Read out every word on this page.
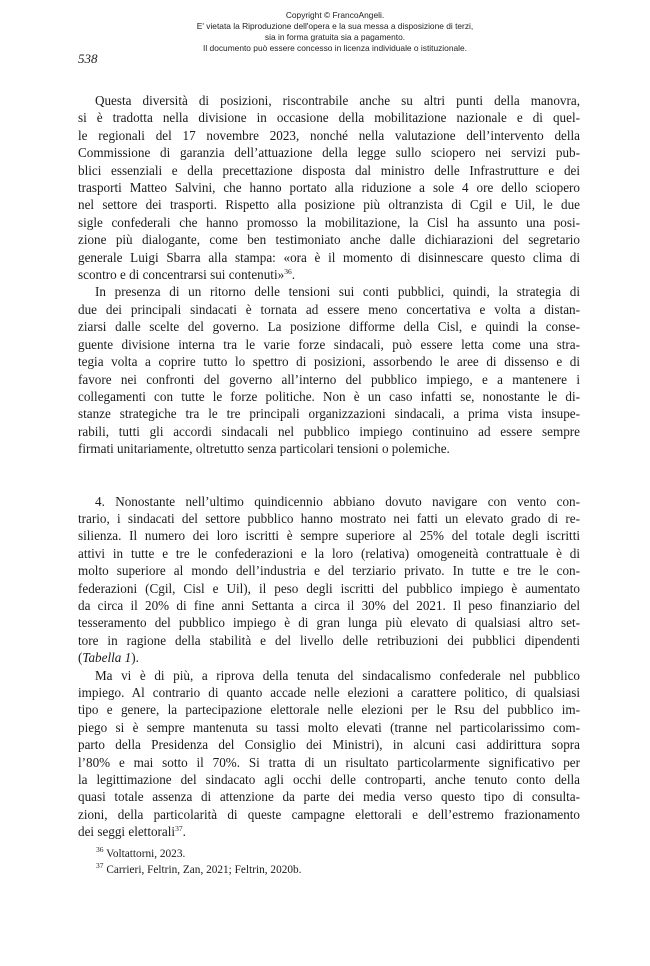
Copyright © FrancoAngeli.
E' vietata la Riproduzione dell'opera e la sua messa a disposizione di terzi,
sia in forma gratuita sia a pagamento.
Il documento può essere concesso in licenza individuale o istituzionale.
538
Questa diversità di posizioni, riscontrabile anche su altri punti della manovra,
si è tradotta nella divisione in occasione della mobilitazione nazionale e di quel-
le regionali del 17 novembre 2023, nonché nella valutazione dell’intervento della
Commissione di garanzia dell’attuazione della legge sullo sciopero nei servizi pub-
blici essenziali e della precettazione disposta dal ministro delle Infrastrutture e dei
trasporti Matteo Salvini, che hanno portato alla riduzione a sole 4 ore dello sciopero
nel settore dei trasporti. Rispetto alla posizione più oltranzista di Cgil e Uil, le due
sigle confederali che hanno promosso la mobilitazione, la Cisl ha assunto una posi-
zione più dialogante, come ben testimoniato anche dalle dichiarazioni del segretario
generale Luigi Sbarra alla stampa: «ora è il momento di disinnescare questo clima di
scontro e di concentrarsi sui contenuti»$^{36}$.
In presenza di un ritorno delle tensioni sui conti pubblici, quindi, la strategia di
due dei principali sindacati è tornata ad essere meno concertativa e volta a distan-
ziarsi dalle scelte del governo. La posizione difforme della Cisl, e quindi la conse-
guente divisione interna tra le varie forze sindacali, può essere letta come una stra-
tegia volta a coprire tutto lo spettro di posizioni, assorbendo le aree di dissenso e di
favore nei confronti del governo all’interno del pubblico impiego, e a mantenere i
collegamenti con tutte le forze politiche. Non è un caso infatti se, nonostante le di-
stanze strategiche tra le tre principali organizzazioni sindacali, a prima vista insupe-
rabili, tutti gli accordi sindacali nel pubblico impiego continuino ad essere sempre
firmati unitariamente, oltretutto senza particolari tensioni o polemiche.
4. Nonostante nell’ultimo quindicennio abbiano dovuto navigare con vento con-
trario, i sindacati del settore pubblico hanno mostrato nei fatti un elevato grado di re-
silienza. Il numero dei loro iscritti è sempre superiore al 25% del totale degli iscritti
attivi in tutte e tre le confederazioni e la loro (relativa) omogeneità contrattuale è di
molto superiore al mondo dell’industria e del terziario privato. In tutte e tre le con-
federazioni (Cgil, Cisl e Uil), il peso degli iscritti del pubblico impiego è aumentato
da circa il 20% di fine anni Settanta a circa il 30% del 2021. Il peso finanziario del
tesseramento del pubblico impiego è di gran lunga più elevato di qualsiasi altro set-
tore in ragione della stabilità e del livello delle retribuzioni dei pubblici dipendenti
(Tabella 1).
Ma vi è di più, a riprova della tenuta del sindacalismo confederale nel pubblico
impiego. Al contrario di quanto accade nelle elezioni a carattere politico, di qualsiasi
tipo e genere, la partecipazione elettorale nelle elezioni per le Rsu del pubblico im-
piego si è sempre mantenuta su tassi molto elevati (tranne nel particolarissimo com-
parto della Presidenza del Consiglio dei Ministri), in alcuni casi addirittura sopra
l’80% e mai sotto il 70%. Si tratta di un risultato particolarmente significativo per
la legittimazione del sindacato agli occhi delle controparti, anche tenuto conto della
quasi totale assenza di attenzione da parte dei media verso questo tipo di consulta-
zioni, della particolarità di queste campagne elettorali e dell’estremo frazionamento
dei seggi elettorali$^{37}$.
$^{36}$ Voltattorni, 2023.
$^{37}$ Carrieri, Feltrin, Zan, 2021; Feltrin, 2020b.
